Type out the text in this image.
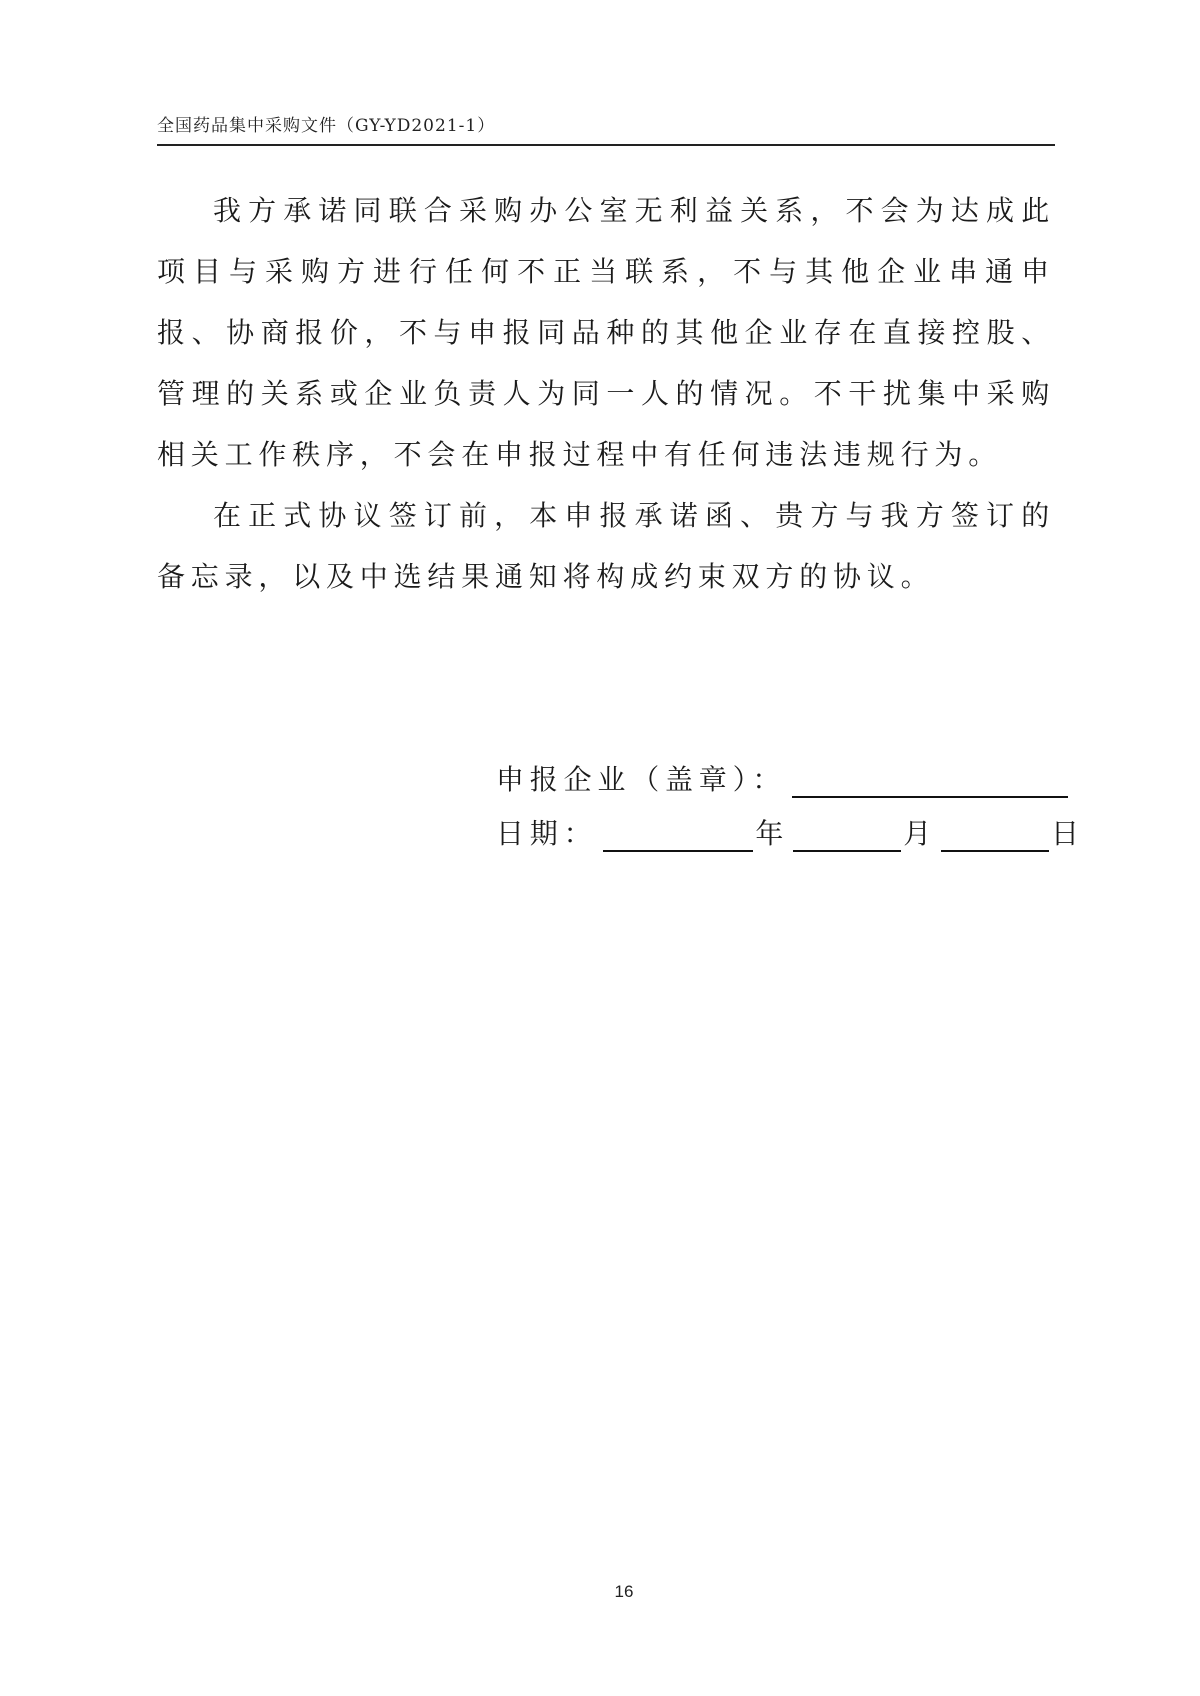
全国药品集中采购文件（GY-YD2021-1）

我方承诺同联合采购办公室无利益关系，不会为达成此项目与采购方进行任何不正当联系，不与其他企业串通申报、协商报价，不与申报同品种的其他企业存在直接控股、管理的关系或企业负责人为同一人的情况。不干扰集中采购相关工作秩序，不会在申报过程中有任何违法违规行为。

在正式协议签订前，本申报承诺函、贵方与我方签订的备忘录，以及中选结果通知将构成约束双方的协议。

申报企业（盖章）：
日期：	年	月	日
16
